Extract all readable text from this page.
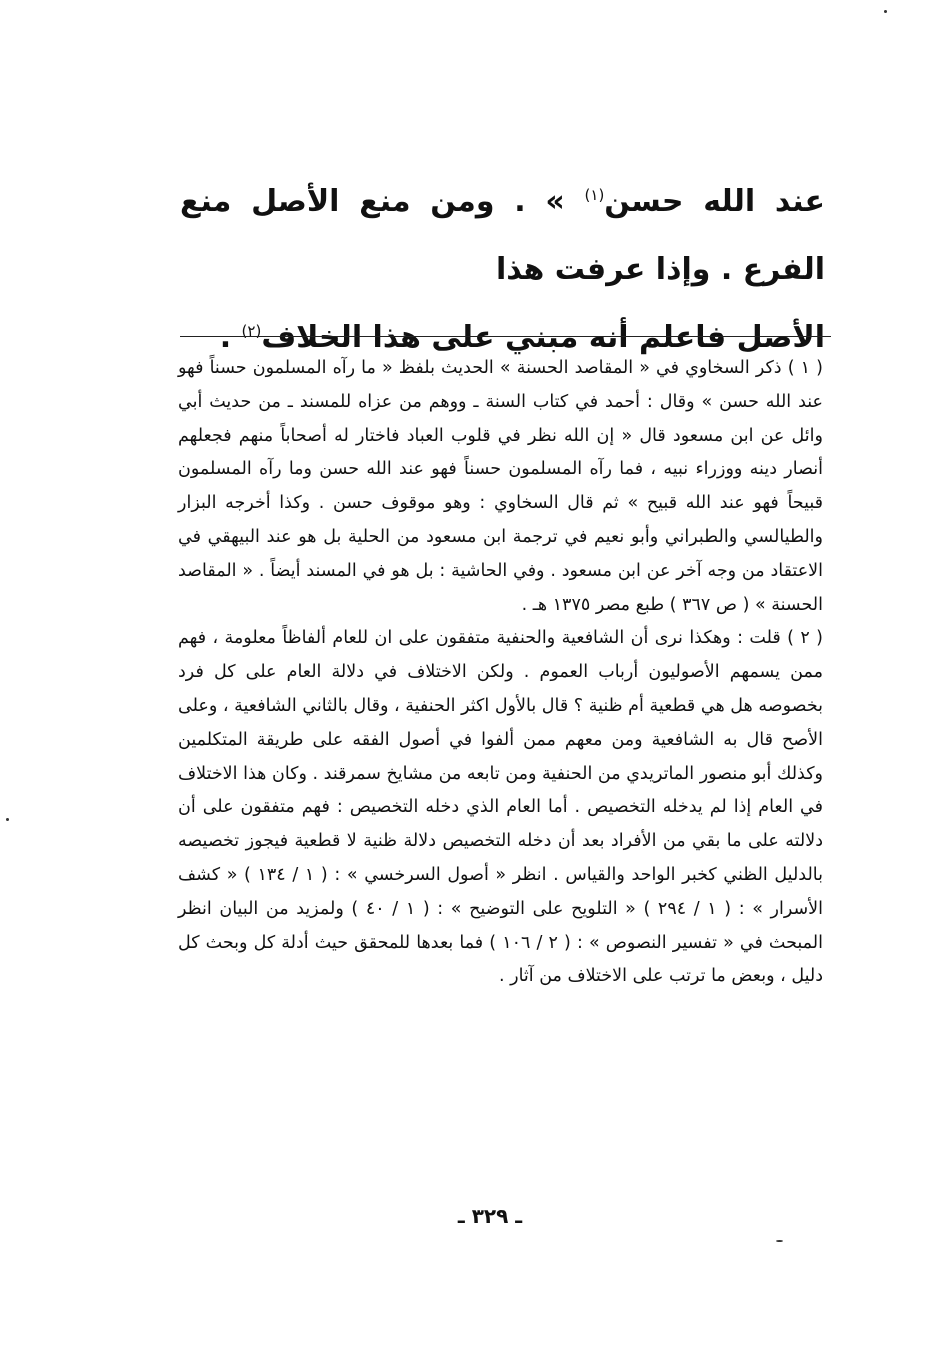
عند الله حسن$^{(١)}$ » . ومن منع الأصل منع الفرع . وإذا عرفت هذا

الأصل فاعلم أنه مبني على هذا الخلاف$^{(٢)}$ .

( ١ ) ذكر السخاوي في « المقاصد الحسنة » الحديث بلفظ « ما رآه المسلمون حسناً فهو عند الله حسن » وقال : أحمد في كتاب السنة ـ ووهم من عزاه للمسند ـ من حديث أبي وائل عن ابن مسعود قال « إن الله نظر في قلوب العباد فاختار له أصحاباً منهم فجعلهم أنصار دينه ووزراء نبيه ، فما رآه المسلمون حسناً فهو عند الله حسن وما رآه المسلمون قبيحاً فهو عند الله قبيح » ثم قال السخاوي : وهو موقوف حسن . وكذا أخرجه البزار والطيالسي والطبراني وأبو نعيم في ترجمة ابن مسعود من الحلية بل هو عند البيهقي في الاعتقاد من وجه آخر عن ابن مسعود . وفي الحاشية : بل هو في المسند أيضاً . « المقاصد الحسنة » ( ص ٣٦٧ ) طبع مصر ١٣٧٥ هـ .

( ٢ ) قلت : وهكذا نرى أن الشافعية والحنفية متفقون على ان للعام ألفاظاً معلومة ، فهم ممن يسمهم الأصوليون أرباب العموم . ولكن الاختلاف في دلالة العام على كل فرد بخصوصه هل هي قطعية أم ظنية ؟ قال بالأول اكثر الحنفية ، وقال بالثاني الشافعية ، وعلى الأصح قال به الشافعية ومن معهم ممن ألفوا في أصول الفقه على طريقة المتكلمين وكذلك أبو منصور الماتريدي من الحنفية ومن تابعه من مشايخ سمرقند . وكان هذا الاختلاف في العام إذا لم يدخله التخصيص . أما العام الذي دخله التخصيص : فهم متفقون على أن دلالته على ما بقي من الأفراد بعد أن دخله التخصيص دلالة ظنية لا قطعية فيجوز تخصيصه بالدليل الظني كخبر الواحد والقياس . انظر « أصول السرخسي » : ( ١ / ١٣٤ ) « كشف الأسرار » : ( ١ / ٢٩٤ ) « التلويح على التوضيح » : ( ١ / ٤٠ ) ولمزيد من البيان انظر المبحث في « تفسير النصوص » : ( ٢ / ١٠٦ ) فما بعدها للمحقق حيث أدلة كل وبحث كل دليل ، وبعض ما ترتب على الاختلاف من آثار .

ـ ٣٢٩ ـ
